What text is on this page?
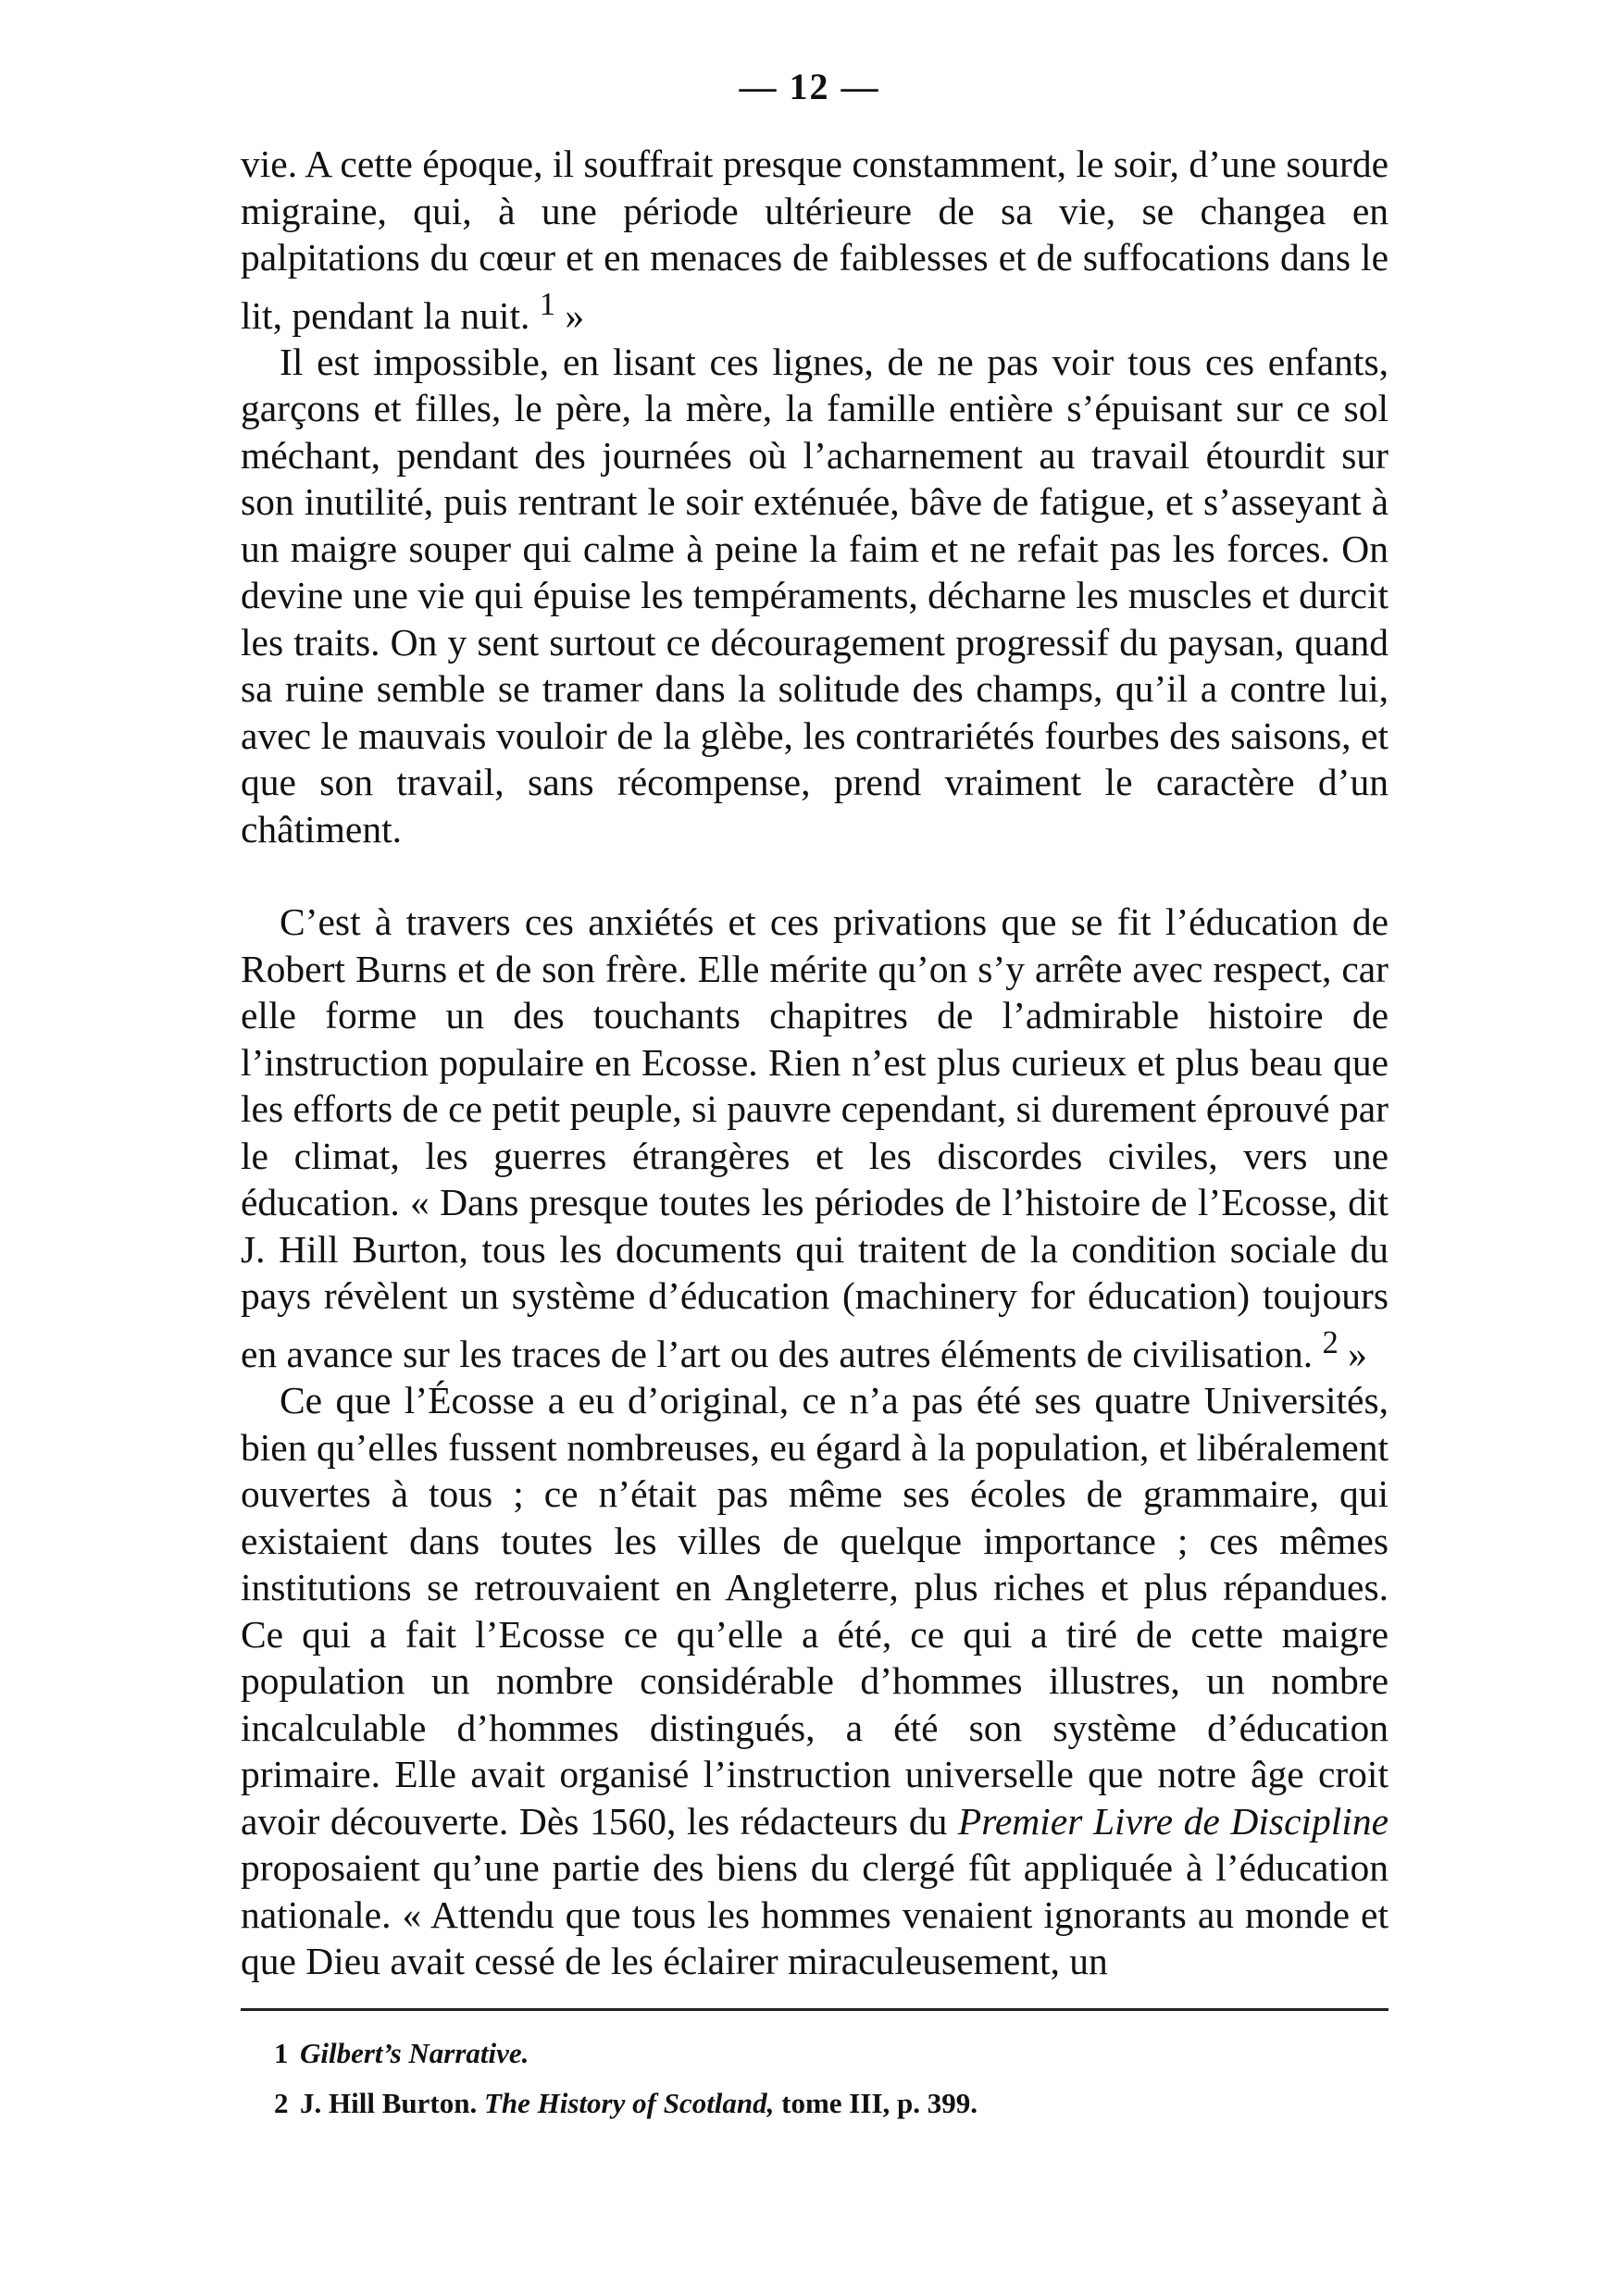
— 12 —

vie. A cette époque, il souffrait presque constamment, le soir, d’une sourde migraine, qui, à une période ultérieure de sa vie, se changea en palpitations du cœur et en menaces de faiblesses et de suffocations dans le lit, pendant la nuit. $^1$ »

Il est impossible, en lisant ces lignes, de ne pas voir tous ces enfants, garçons et filles, le père, la mère, la famille entière s’épuisant sur ce sol méchant, pendant des journées où l’acharnement au travail étourdit sur son inutilité, puis rentrant le soir exténuée, bâve de fatigue, et s’asseyant à un maigre souper qui calme à peine la faim et ne refait pas les forces. On devine une vie qui épuise les tempéraments, décharne les muscles et durcit les traits. On y sent surtout ce découragement progressif du paysan, quand sa ruine semble se tramer dans la solitude des champs, qu’il a contre lui, avec le mauvais vouloir de la glèbe, les contrariétés fourbes des saisons, et que son travail, sans récompense, prend vraiment le caractère d’un châtiment.

C’est à travers ces anxiétés et ces privations que se fit l’éducation de Robert Burns et de son frère. Elle mérite qu’on s’y arrête avec respect, car elle forme un des touchants chapitres de l’admirable histoire de l’instruction populaire en Ecosse. Rien n’est plus curieux et plus beau que les efforts de ce petit peuple, si pauvre cependant, si durement éprouvé par le climat, les guerres étrangères et les discordes civiles, vers une éducation. « Dans presque toutes les périodes de l’histoire de l’Ecosse, dit J. Hill Burton, tous les documents qui traitent de la condition sociale du pays révèlent un système d’éducation (machinery for éducation) toujours en avance sur les traces de l’art ou des autres éléments de civilisation. $^2$ »

Ce que l’Écosse a eu d’original, ce n’a pas été ses quatre Universités, bien qu’elles fussent nombreuses, eu égard à la population, et libéralement ouvertes à tous ; ce n’était pas même ses écoles de grammaire, qui existaient dans toutes les villes de quelque importance ; ces mêmes institutions se retrouvaient en Angleterre, plus riches et plus répandues. Ce qui a fait l’Ecosse ce qu’elle a été, ce qui a tiré de cette maigre population un nombre considérable d’hommes illustres, un nombre incalculable d’hommes distingués, a été son système d’éducation primaire. Elle avait organisé l’instruction universelle que notre âge croit avoir découverte. Dès 1560, les rédacteurs du Premier Livre de Discipline proposaient qu’une partie des biens du clergé fût appliquée à l’éducation nationale. « Attendu que tous les hommes venaient ignorants au monde et que Dieu avait cessé de les éclairer miraculeusement, un

1 Gilbert’s Narrative.
2 J. Hill Burton. The History of Scotland, tome III, p. 399.
